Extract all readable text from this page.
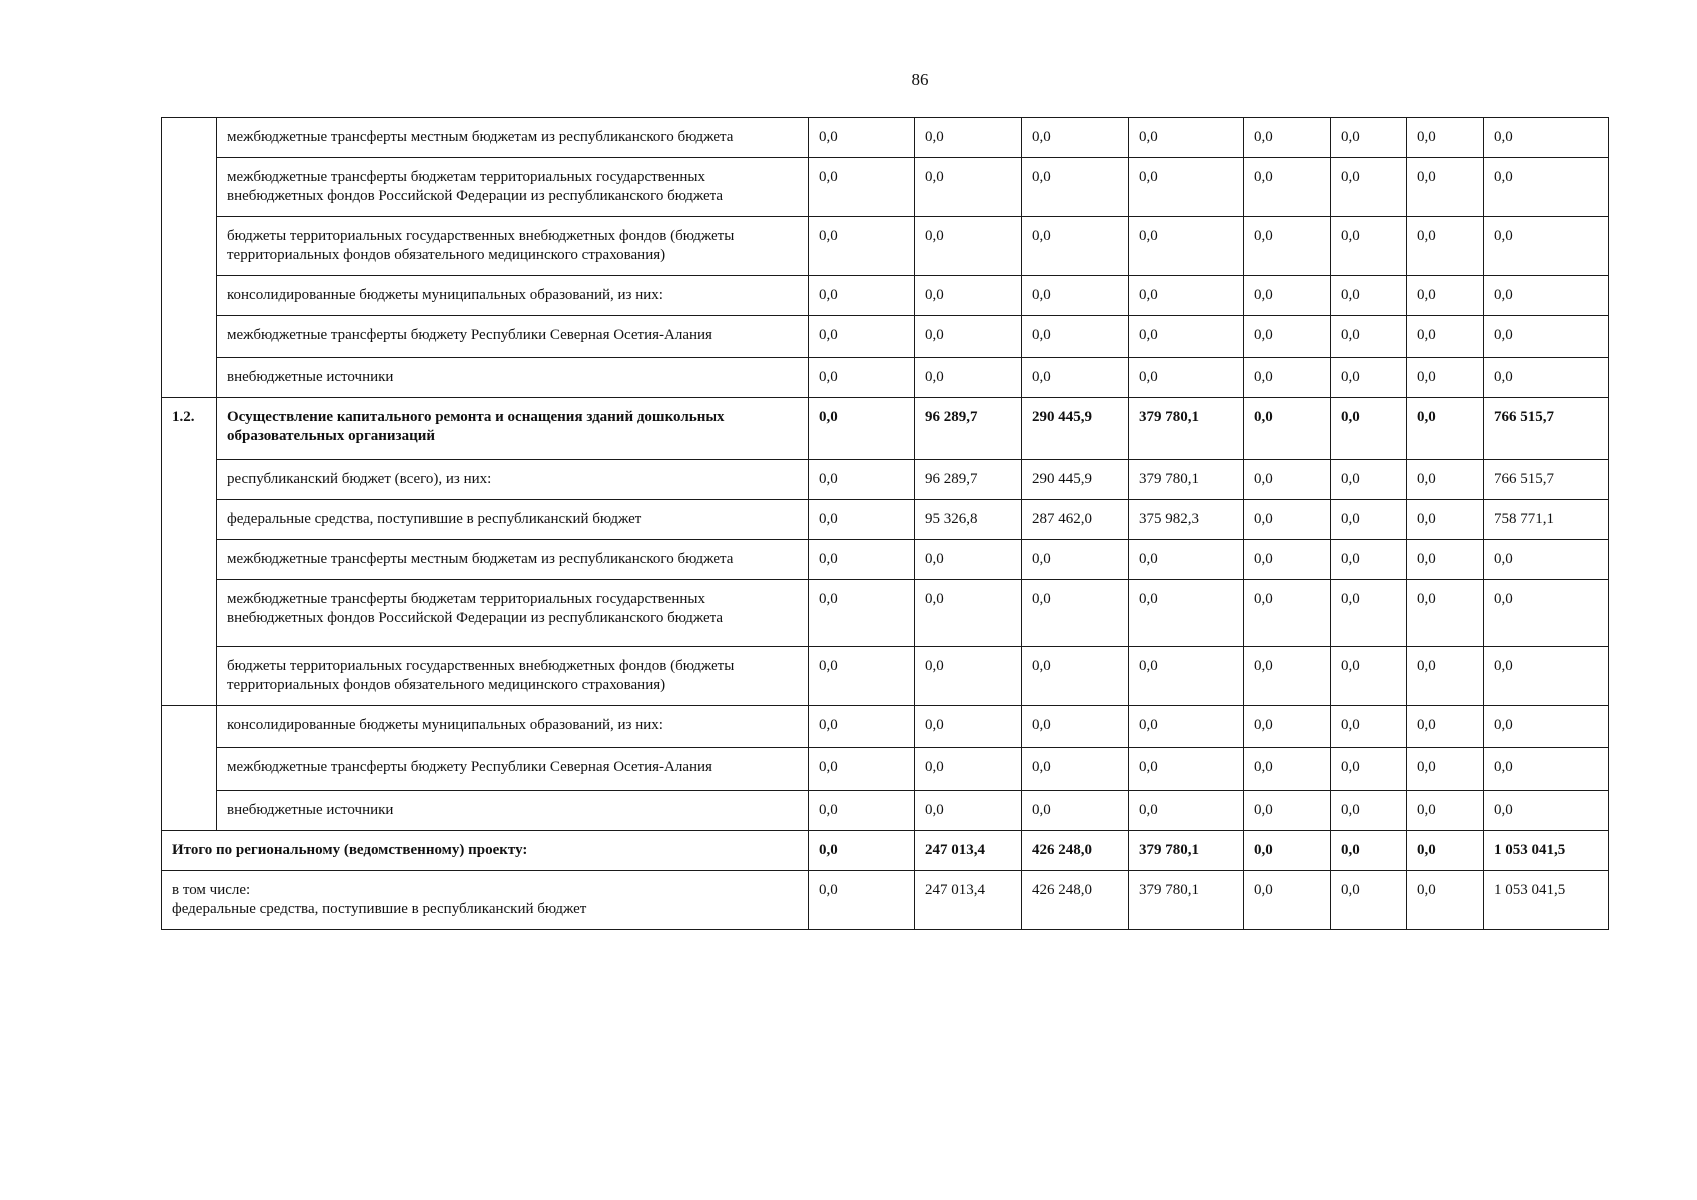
86
	межбюджетные трансферты местным бюджетам из республиканского бюджета	0,0	0,0	0,0	0,0	0,0	0,0	0,0	0,0
	межбюджетные трансферты бюджетам территориальных государственных внебюджетных фондов Российской Федерации из республиканского бюджета	0,0	0,0	0,0	0,0	0,0	0,0	0,0	0,0
	бюджеты территориальных государственных внебюджетных фондов (бюджеты территориальных фондов обязательного медицинского страхования)	0,0	0,0	0,0	0,0	0,0	0,0	0,0	0,0
	консолидированные бюджеты муниципальных образований, из них:	0,0	0,0	0,0	0,0	0,0	0,0	0,0	0,0
	межбюджетные трансферты бюджету Республики Северная Осетия-Алания	0,0	0,0	0,0	0,0	0,0	0,0	0,0	0,0
	внебюджетные источники	0,0	0,0	0,0	0,0	0,0	0,0	0,0	0,0
1.2.	Осуществление капитального ремонта и оснащения зданий дошкольных образовательных организаций	0,0	96 289,7	290 445,9	379 780,1	0,0	0,0	0,0	766 515,7
	республиканский бюджет (всего), из них:	0,0	96 289,7	290 445,9	379 780,1	0,0	0,0	0,0	766 515,7
	федеральные средства, поступившие в республиканский бюджет	0,0	95 326,8	287 462,0	375 982,3	0,0	0,0	0,0	758 771,1
	межбюджетные трансферты местным бюджетам из республиканского бюджета	0,0	0,0	0,0	0,0	0,0	0,0	0,0	0,0
	межбюджетные трансферты бюджетам территориальных государственных внебюджетных фондов Российской Федерации из республиканского бюджета	0,0	0,0	0,0	0,0	0,0	0,0	0,0	0,0
	бюджеты территориальных государственных внебюджетных фондов (бюджеты территориальных фондов обязательного медицинского страхования)	0,0	0,0	0,0	0,0	0,0	0,0	0,0	0,0
	консолидированные бюджеты муниципальных образований, из них:	0,0	0,0	0,0	0,0	0,0	0,0	0,0	0,0
	межбюджетные трансферты бюджету Республики Северная Осетия-Алания	0,0	0,0	0,0	0,0	0,0	0,0	0,0	0,0
	внебюджетные источники	0,0	0,0	0,0	0,0	0,0	0,0	0,0	0,0
Итого по региональному (ведомственному) проекту:		0,0	247 013,4	426 248,0	379 780,1	0,0	0,0	0,0	1 053 041,5

в том числе:
федеральные средства, поступившие в республиканский бюджет		0,0	247 013,4	426 248,0	379 780,1	0,0	0,0	0,0	1 053 041,5
